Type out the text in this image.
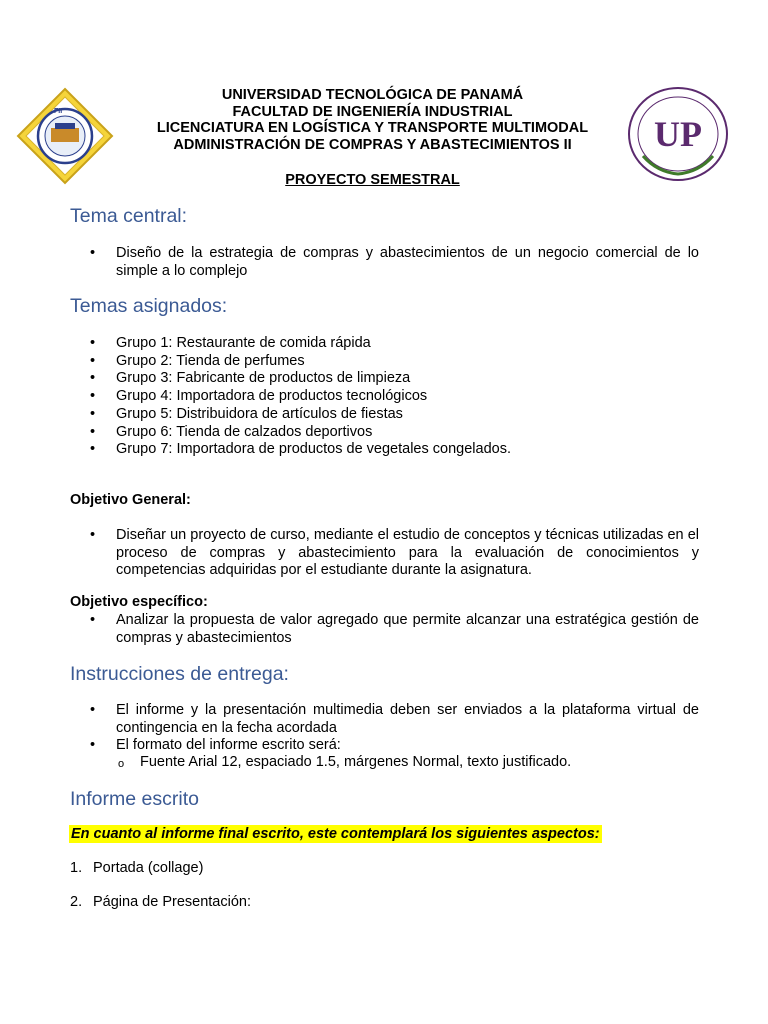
FII
UP
UNIVERSIDAD TECNOLÓGICA DE PANAMÁ
FACULTAD DE INGENIERÍA INDUSTRIAL
LICENCIATURA EN LOGÍSTICA Y TRANSPORTE MULTIMODAL
ADMINISTRACIÓN DE COMPRAS Y ABASTECIMIENTOS II
PROYECTO SEMESTRAL
Tema central:
• Diseño de la estrategia de compras y abastecimientos de un negocio comercial de lo simple a lo complejo
Temas asignados:
• Grupo 1: Restaurante de comida rápida
• Grupo 2: Tienda de perfumes
• Grupo 3: Fabricante de productos de limpieza
• Grupo 4: Importadora de productos tecnológicos
• Grupo 5: Distribuidora de artículos de fiestas
• Grupo 6: Tienda de calzados deportivos
• Grupo 7: Importadora de productos de vegetales congelados.
Objetivo General:
• Diseñar un proyecto de curso, mediante el estudio de conceptos y técnicas utilizadas en el proceso de compras y abastecimiento para la evaluación de conocimientos y competencias adquiridas por el estudiante durante la asignatura.
Objetivo específico:
• Analizar la propuesta de valor agregado que permite alcanzar una estratégica gestión de compras y abastecimientos
Instrucciones de entrega:
• El informe y la presentación multimedia deben ser enviados a la plataforma virtual de contingencia en la fecha acordada
• El formato del informe escrito será:
o Fuente Arial 12, espaciado 1.5, márgenes Normal, texto justificado.
Informe escrito
En cuanto al informe final escrito, este contemplará los siguientes aspectos:
1. Portada (collage)
2. Página de Presentación:
